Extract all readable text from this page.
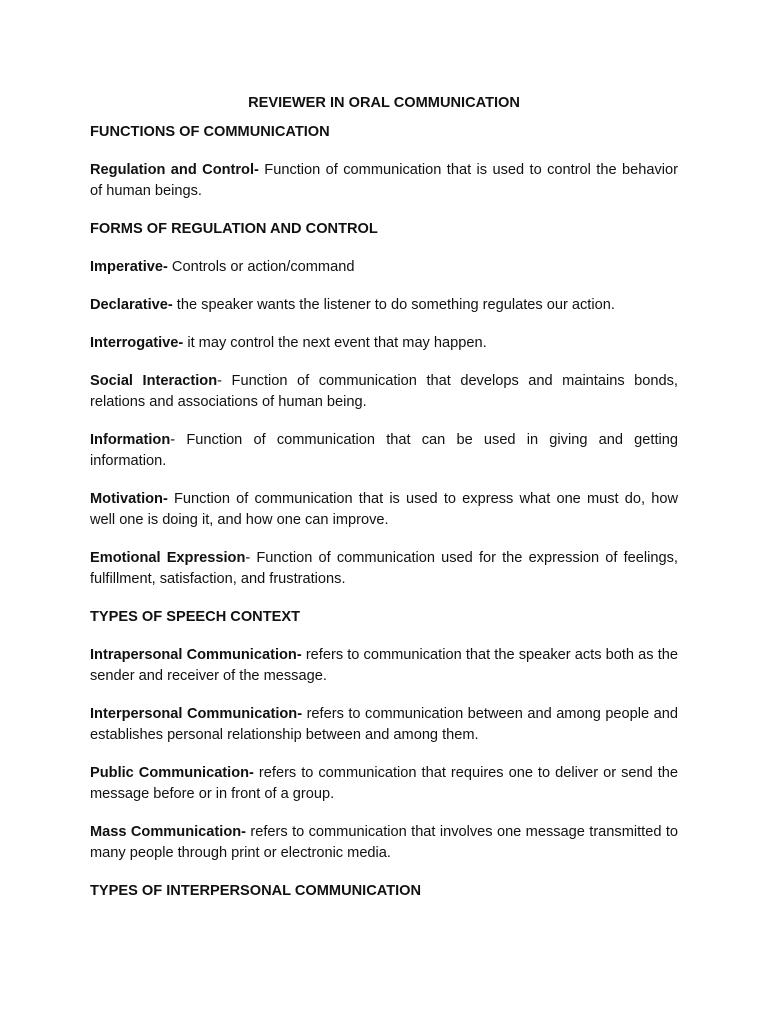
REVIEWER IN ORAL COMMUNICATION
FUNCTIONS OF COMMUNICATION
Regulation and Control- Function of communication that is used to control the behavior of human beings.
FORMS OF REGULATION AND CONTROL
Imperative- Controls or action/command
Declarative- the speaker wants the listener to do something regulates our action.
Interrogative- it may control the next event that may happen.
Social Interaction- Function of communication that develops and maintains bonds, relations and associations of human being.
Information- Function of communication that can be used in giving and getting information.
Motivation- Function of communication that is used to express what one must do, how well one is doing it, and how one can improve.
Emotional Expression- Function of communication used for the expression of feelings, fulfillment, satisfaction, and frustrations.
TYPES OF SPEECH CONTEXT
Intrapersonal Communication- refers to communication that the speaker acts both as the sender and receiver of the message.
Interpersonal Communication- refers to communication between and among people and establishes personal relationship between and among them.
Public Communication- refers to communication that requires one to deliver or send the message before or in front of a group.
Mass Communication- refers to communication that involves one message transmitted to many people through print or electronic media.
TYPES OF INTERPERSONAL COMMUNICATION
